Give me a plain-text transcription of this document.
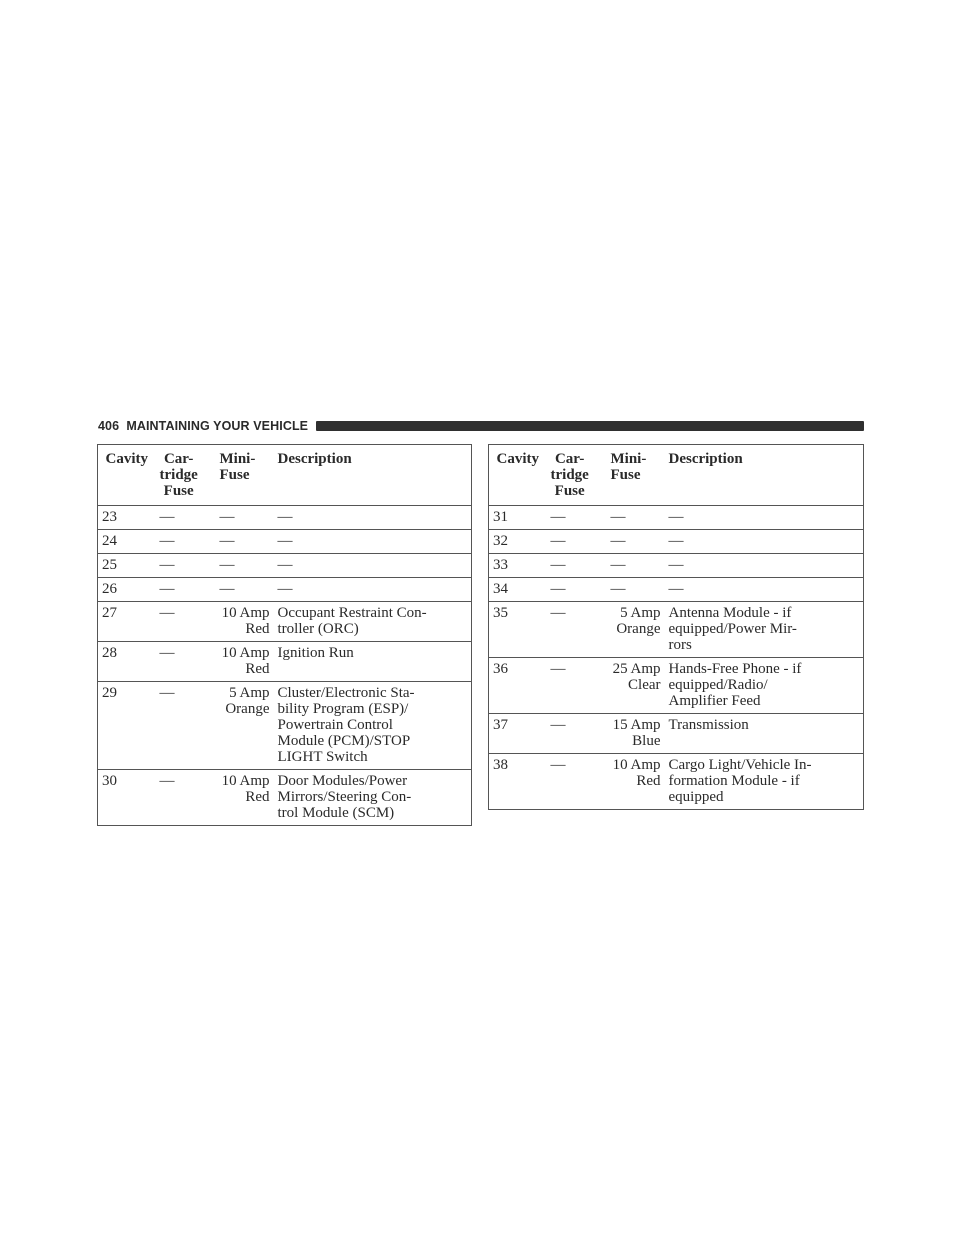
406 MAINTAINING YOUR VEHICLE
Cavity	Car-
tridge
Fuse	Mini-
Fuse	Description
23	—	—	—

24	—	—	—

25	—	—	—

26	—	—	—

27	—	10 Amp
Red	Occupant Restraint Con-
troller (ORC)

28	—	10 Amp
Red	Ignition Run

29	—	5 Amp
Orange	Cluster/Electronic Sta-
bility Program (ESP)/
Powertrain Control
Module (PCM)/STOP
LIGHT Switch

30	—	10 Amp
Red	Door Modules/Power
Mirrors/Steering Con-
trol Module (SCM)
Cavity	Car-
tridge
Fuse	Mini-
Fuse	Description
31	—	—	—

32	—	—	—

33	—	—	—

34	—	—	—

35	—	5 Amp
Orange	Antenna Module - if
equipped/Power Mir-
rors

36	—	25 Amp
Clear	Hands-Free Phone - if
equipped/Radio/
Amplifier Feed

37	—	15 Amp
Blue	Transmission

38	—	10 Amp
Red	Cargo Light/Vehicle In-
formation Module - if
equipped
